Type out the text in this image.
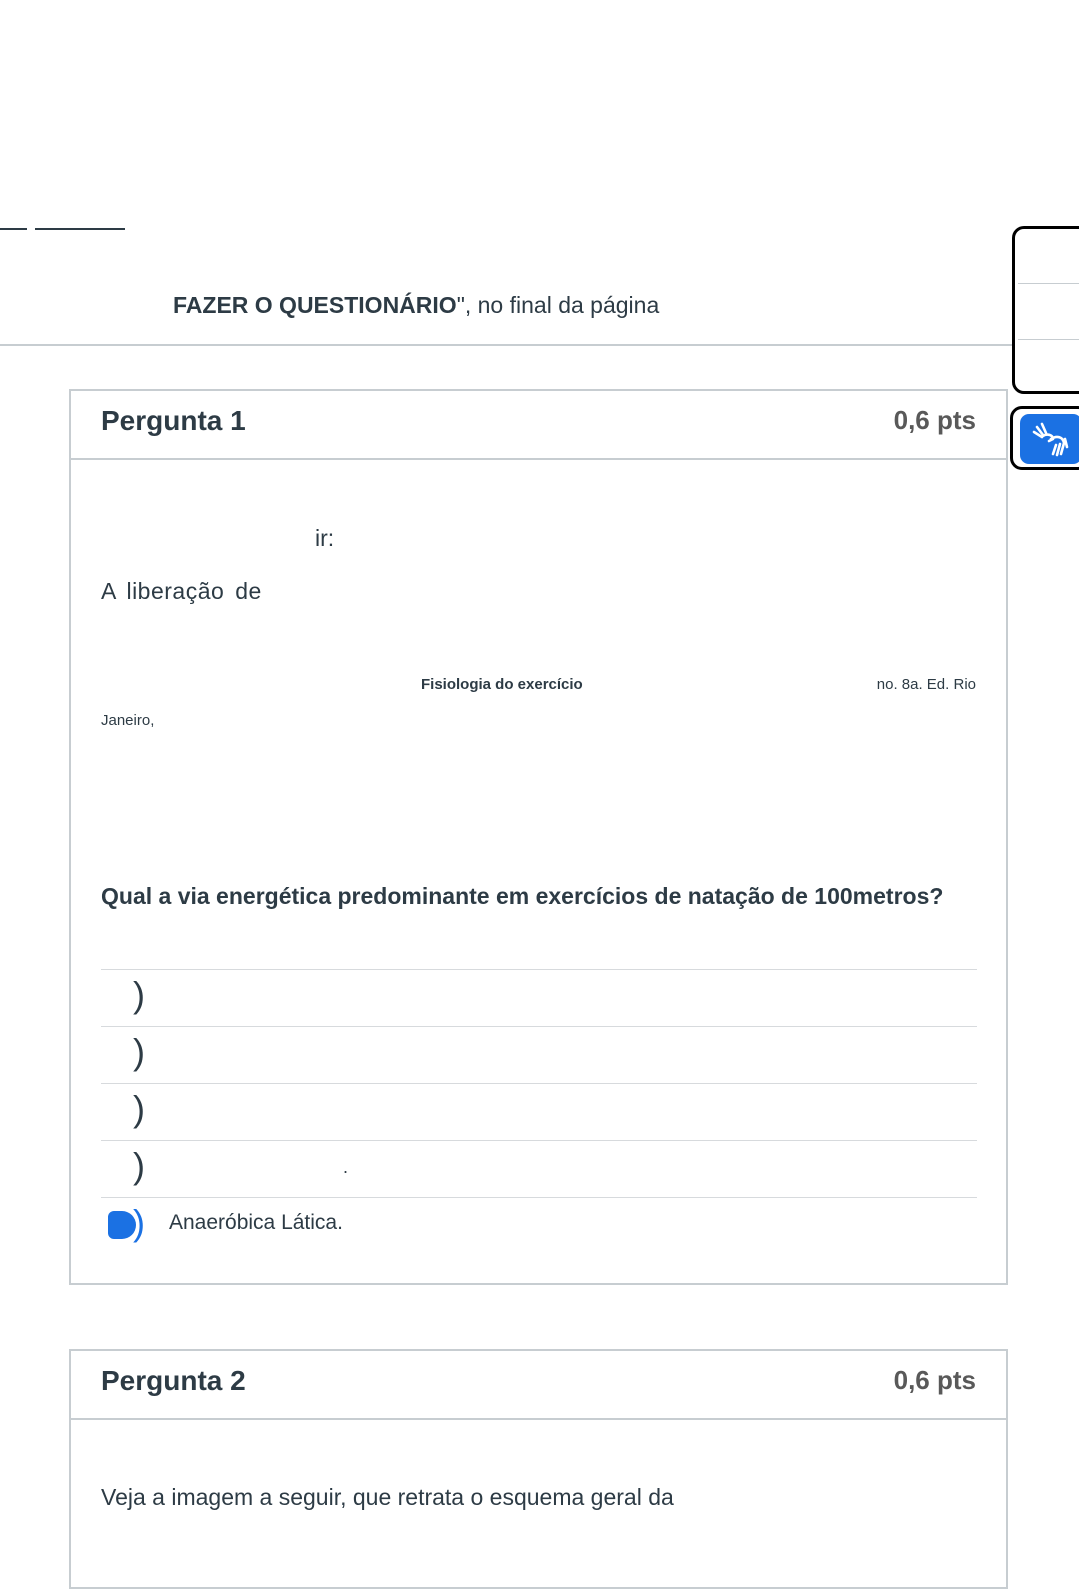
FAZER O QUESTIONÁRIO", no final da página
Pergunta 1	0,6 pts
ir:
A liberação de
Fisiologia do exercício	no. 8a. Ed. Rio
Janeiro,
Qual a via energética predominante em exercícios de natação de 100metros?
)
)
)
)	.
) Anaeróbica Lática.
Pergunta 2	0,6 pts
Veja a imagem a seguir, que retrata o esquema geral da
